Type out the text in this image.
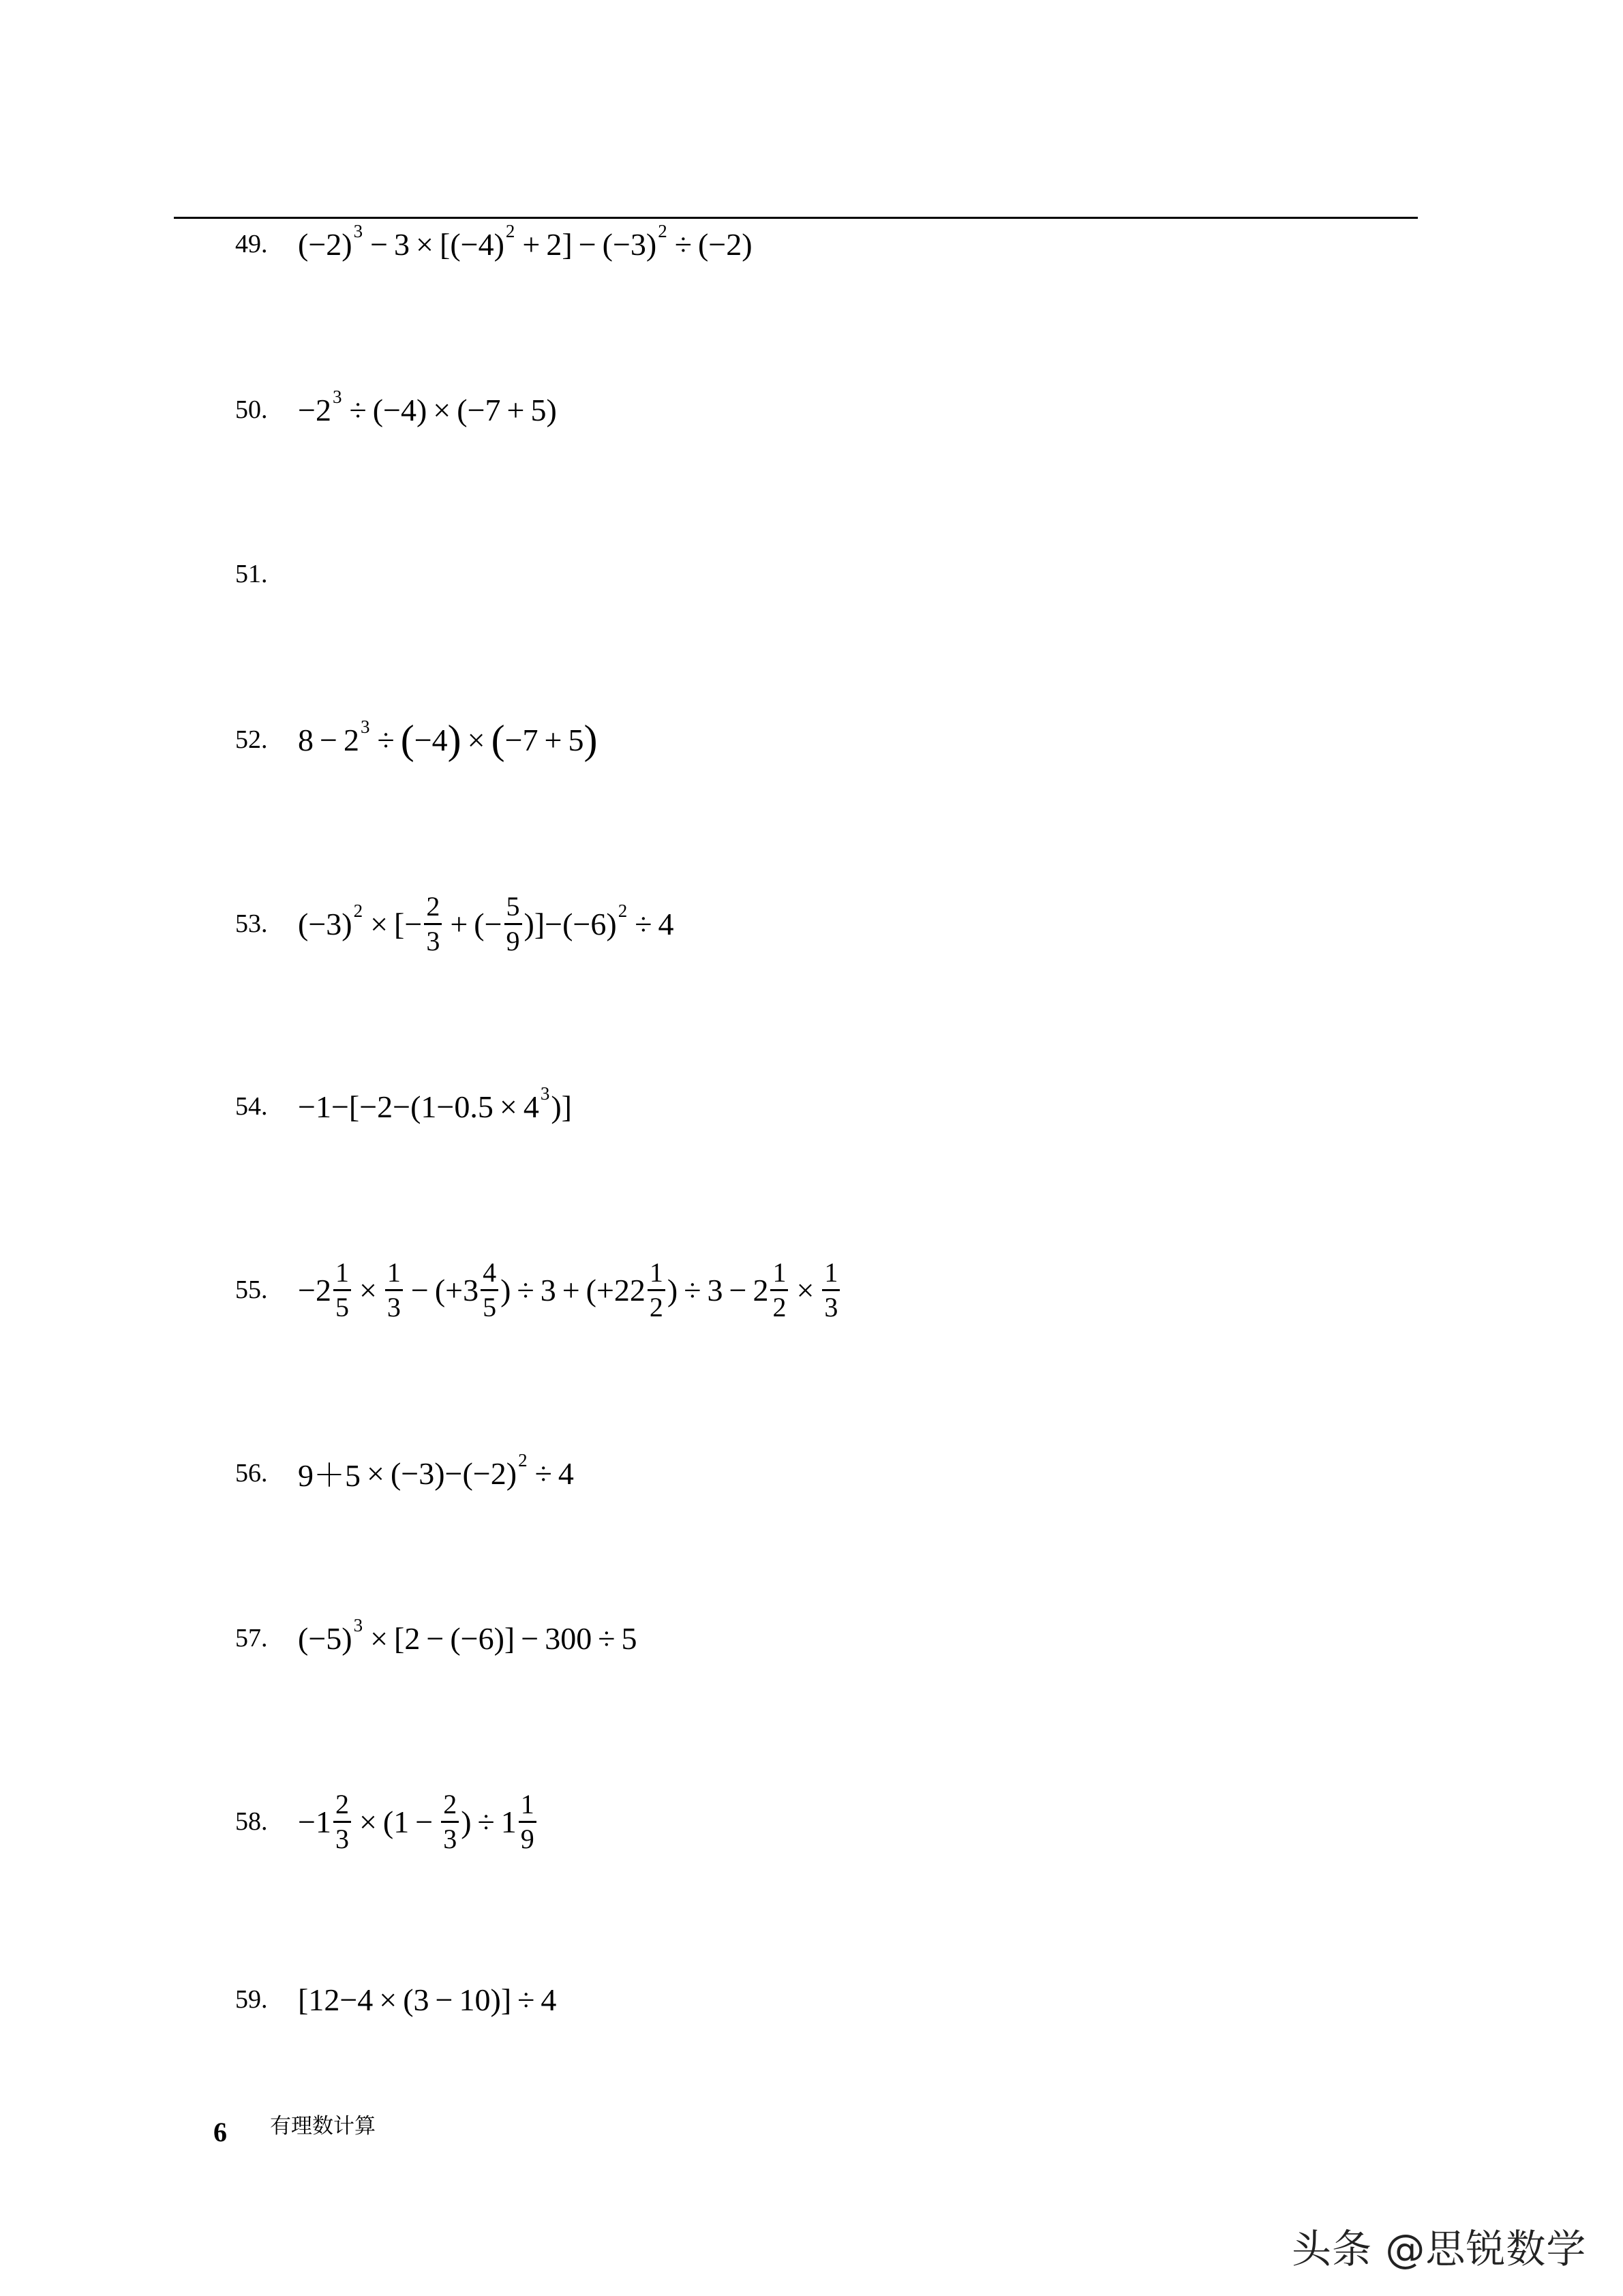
49. $(-2)^3 - 3 \times [(-4)^2 + 2] - (-3)^2 \div (-2)$
50. $-2^3 \div (-4) \times (-7 + 5)$
51.
52. $8 - 2^3$ ÷ ( −4 ) × ( −7 + 5 )
53. $(-3)^2$ × [− $\frac{2}{3}$ + (− $\frac{5}{9} )]-(-6)^2 \div 4$
54. $-1-[-2-(1-0.5 \times 4^3$ )]
55. $-2 \frac{1}{5} \times \frac{1}{3} - (+3 \frac{4}{5}$ ) ÷ $3 + (+22 \frac{1}{2}$ ) ÷ $3 - 2 \frac{1}{2} \times \frac{1}{3}$
56. $9+5 \times (-3)-(-2)^2 \div 4$
57. $(-5)^3 \times [2 - (-6)] - 300 \div 5$
58. $-1 \frac{2}{3} \times (1 - \frac{2}{3}$ ) ÷ $1 \frac{1}{9}$
59. [12−4 × (3 − 10)] ÷ 4
6 有理数计算
头条 @思锐数学
